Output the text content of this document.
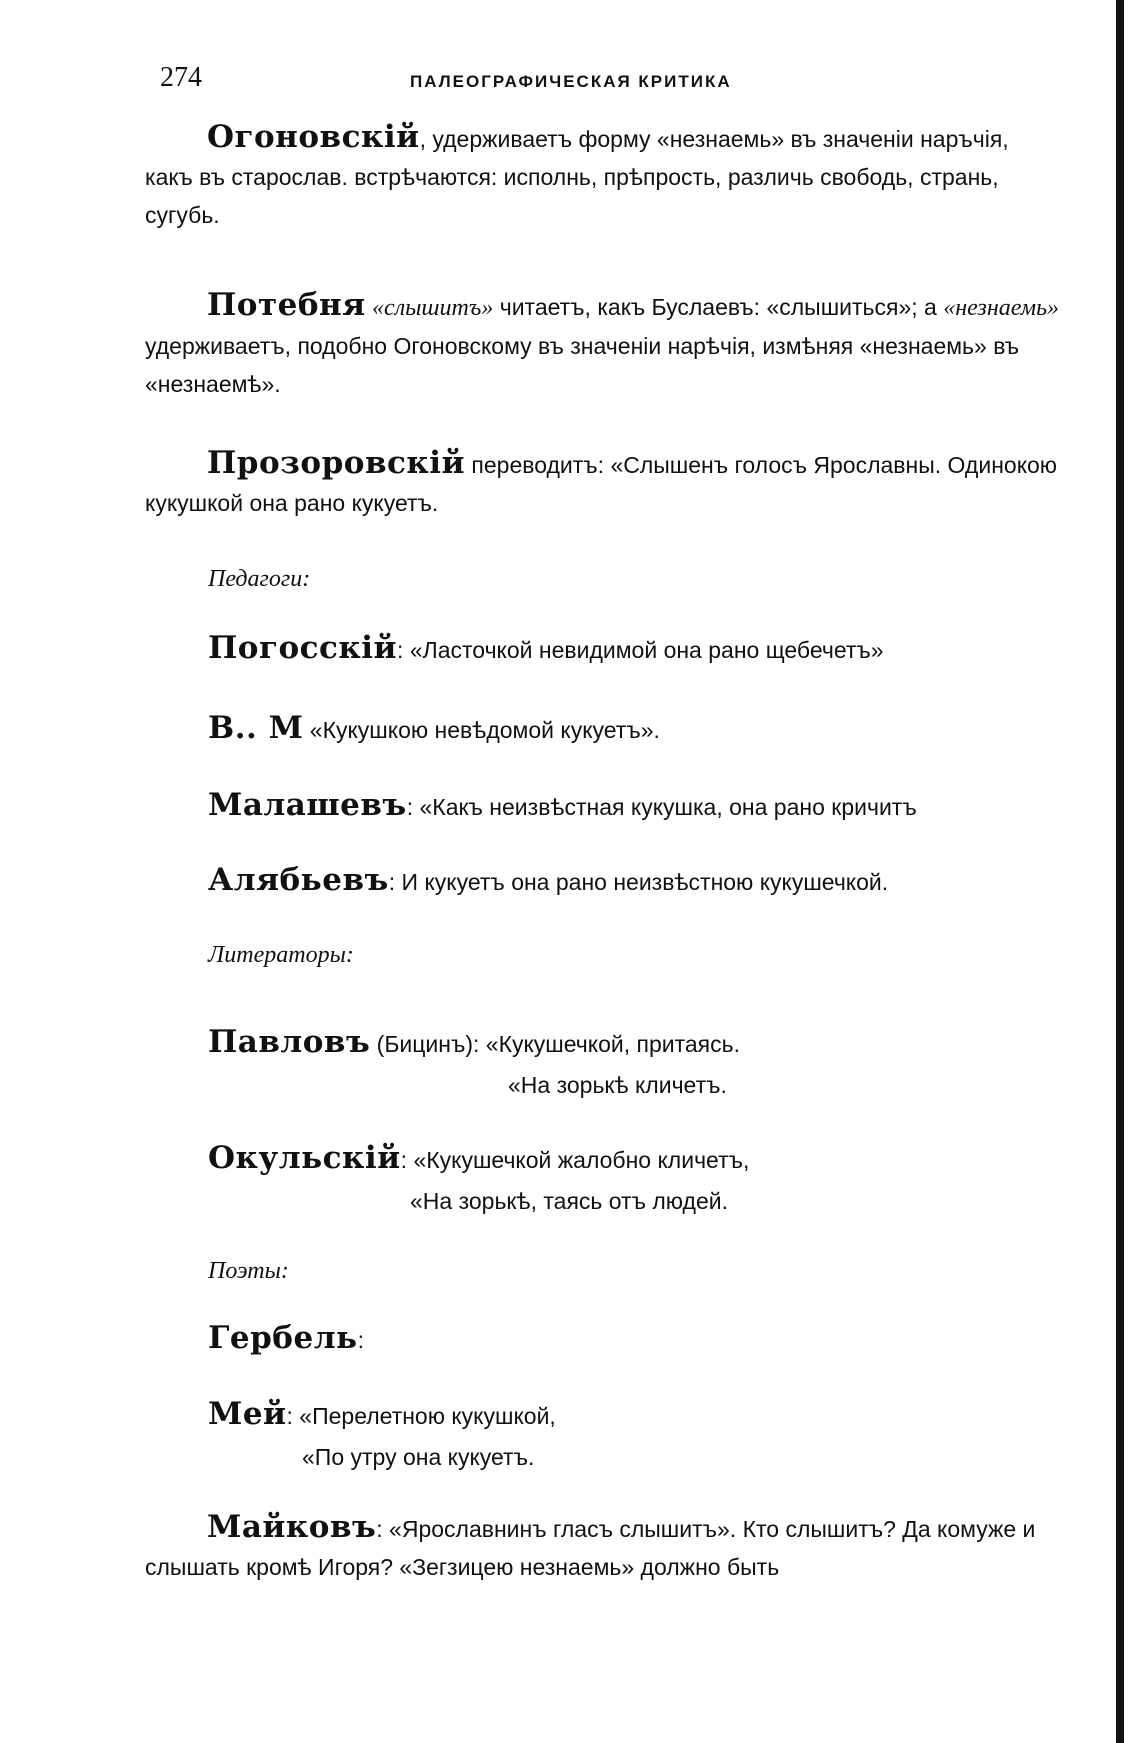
274	ПАЛЕОГРАФИЧЕСКАЯ КРИТИКА
Огоновскій, удерживаетъ форму «незнаемь» въ значеніи наръчія, какъ въ старослав. встрѣчаются: исполнь, прѣпрость, различь свободь, странь, сугубь.
Потебня «слышитъ» читаетъ, какъ Буслаевъ: «слышиться»; а «незнаемь» удерживаетъ, подобно Огоновскому въ значеніи нарѣчія, измѣняя «незнаемь» въ «незнаемѣ».
Прозоровскій переводитъ: «Слышенъ голосъ Ярославны. Одинокою кукушкой она рано кукуетъ.
Педагоги:
Погосскій: «Ласточкой невидимой она рано щебечетъ»
В.. М «Кукушкою невѣдомой кукуетъ».
Малашевъ: «Какъ неизвѣстная кукушка, она рано кричитъ
Алябьевъ: И кукуетъ она рано неизвѣстною кукушечкой.
Литераторы:
Павловъ (Бицинъ): «Кукушечкой, притаясь.
«На зорькѣ кличетъ.
Окульскій: «Кукушечкой жалобно кличетъ,
«На зорькѣ, таясь отъ людей.
Поэты:
Гербель:
Мей: «Перелетною кукушкой,
«По утру она кукуетъ.
Майковъ: «Ярославнинъ гласъ слышитъ». Кто слышитъ? Да комуже и слышать кромѣ Игоря? «Зегзицею незнаемь» должно быть
